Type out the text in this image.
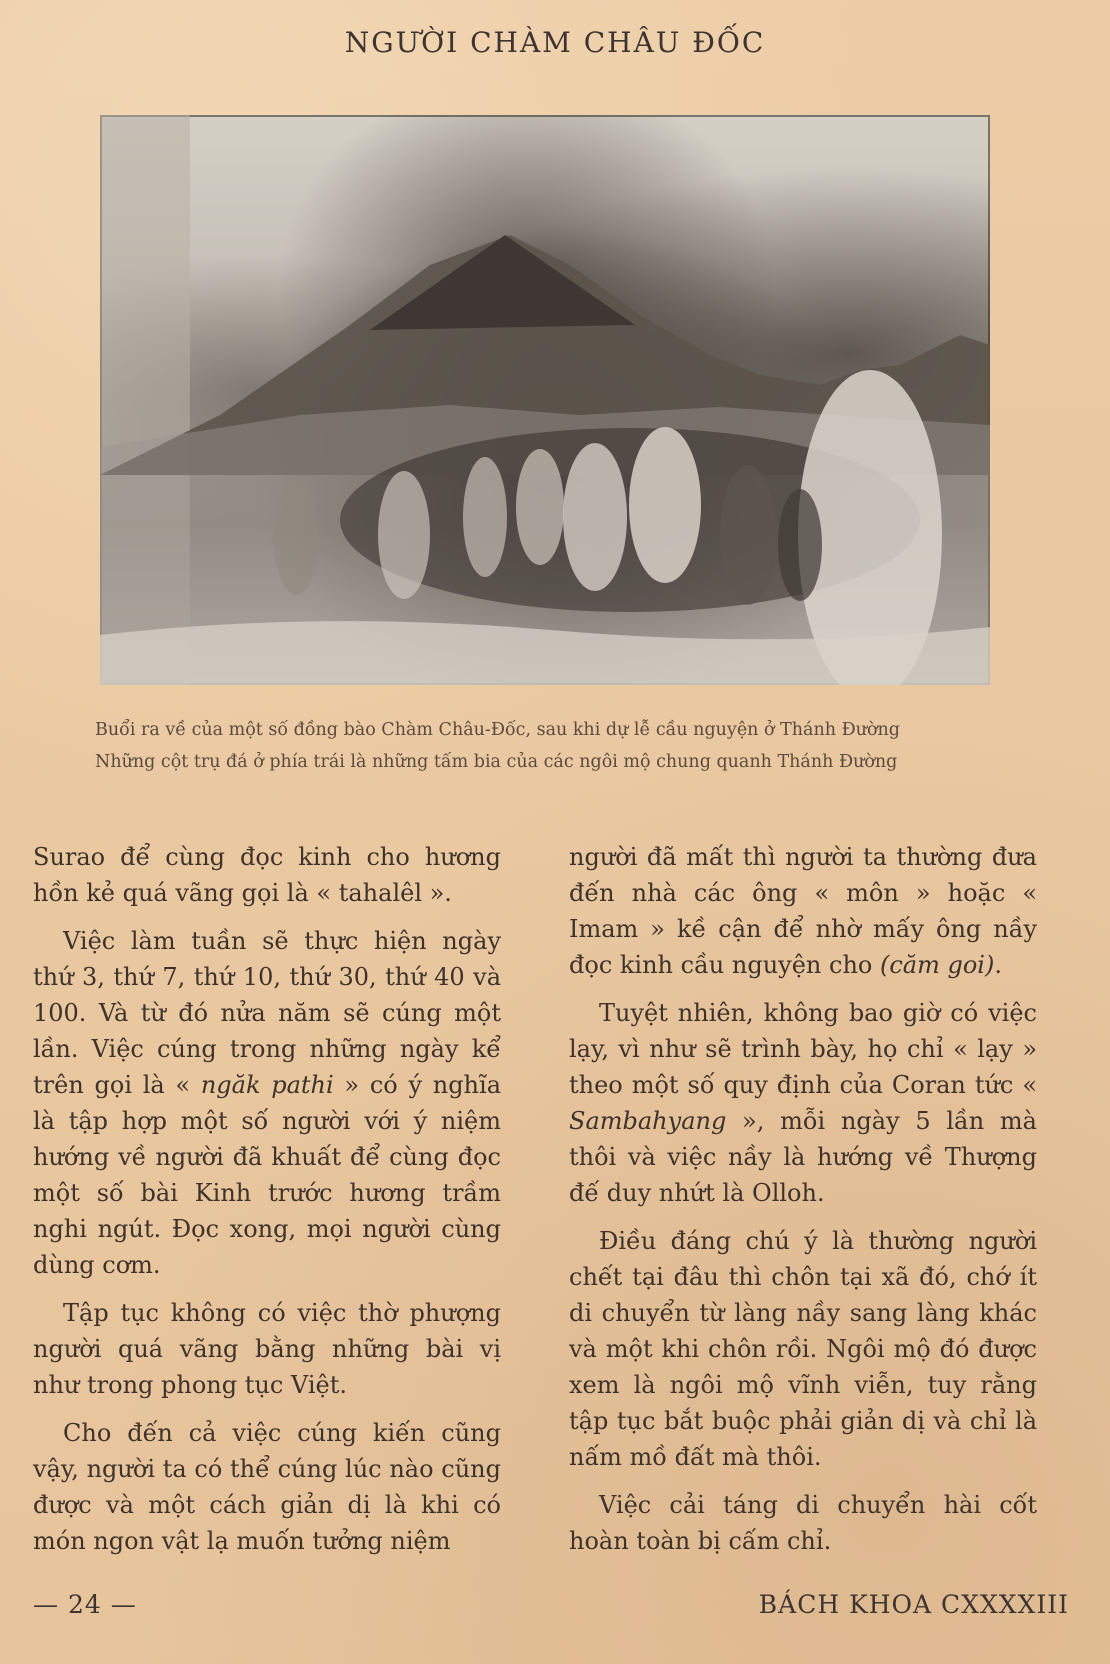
NGƯỜI CHÀM CHÂU ĐỐC
Buổi ra về của một số đồng bào Chàm Châu-Đốc, sau khi dự lễ cầu nguyện ở Thánh Đường
Những cột trụ đá ở phía trái là những tấm bia của các ngôi mộ chung quanh Thánh Đường

Surao để cùng đọc kinh cho hương hồn kẻ quá vãng gọi là « tahalêl ».

Việc làm tuần sẽ thực hiện ngày thứ 3, thứ 7, thứ 10, thứ 30, thứ 40 và 100. Và từ đó nửa năm sẽ cúng một lần. Việc cúng trong những ngày kể trên gọi là « ngăk pathi » có ý nghĩa là tập hợp một số người với ý niệm hướng về người đã khuất để cùng đọc một số bài Kinh trước hương trầm nghi ngút. Đọc xong, mọi người cùng dùng cơm.

Tập tục không có việc thờ phượng người quá vãng bằng những bài vị như trong phong tục Việt.

Cho đến cả việc cúng kiến cũng vậy, người ta có thể cúng lúc nào cũng được và một cách giản dị là khi có món ngon vật lạ muốn tưởng niệm

người đã mất thì người ta thường đưa đến nhà các ông « môn » hoặc « Imam » kề cận để nhờ mấy ông nầy đọc kinh cầu nguyện cho (căm goi).

Tuyệt nhiên, không bao giờ có việc lạy, vì như sẽ trình bày, họ chỉ « lạy » theo một số quy định của Coran tức « Sambahyang », mỗi ngày 5 lần mà thôi và việc nầy là hướng về Thượng đế duy nhứt là Olloh.

Điều đáng chú ý là thường người chết tại đâu thì chôn tại xã đó, chớ ít di chuyển từ làng nầy sang làng khác và một khi chôn rồi. Ngôi mộ đó được xem là ngôi mộ vĩnh viễn, tuy rằng tập tục bắt buộc phải giản dị và chỉ là nấm mồ đất mà thôi.

Việc cải táng di chuyển hài cốt hoàn toàn bị cấm chỉ.

— 24 —	BÁCH KHOA CXXXXIII
